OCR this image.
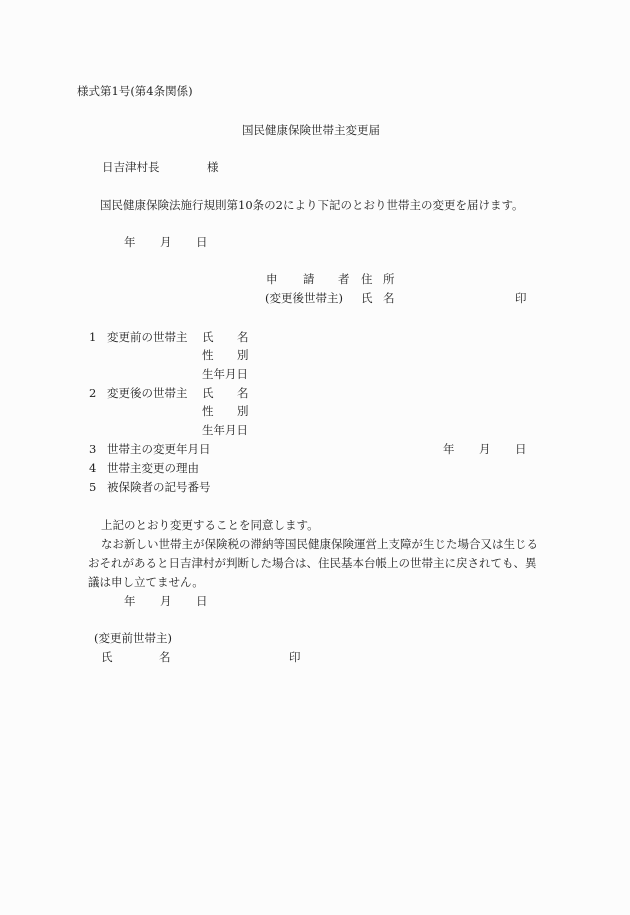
様式第1号(第4条関係)
国民健康保険世帯主変更届
日吉津村長	様
国民健康保険法施行規則第10条の2により下記のとおり世帯主の変更を届けます。
年 月 日
申 請 者 住 所
(変更後世帯主) 氏 名	印
1 変更前の世帯主 氏 名
性 別
生年月日
2 変更後の世帯主 氏 名
性 別
生年月日
3 世帯主の変更年月日	年 月 日
4 世帯主変更の理由
5 被保険者の記号番号
上記のとおり変更することを同意します。
なお新しい世帯主が保険税の滞納等国民健康保険運営上支障が生じた場合又は生じる
おそれがあると日吉津村が判断した場合は、住民基本台帳上の世帯主に戻されても、異
議は申し立てません。
年 月 日
(変更前世帯主)
氏	名	印
